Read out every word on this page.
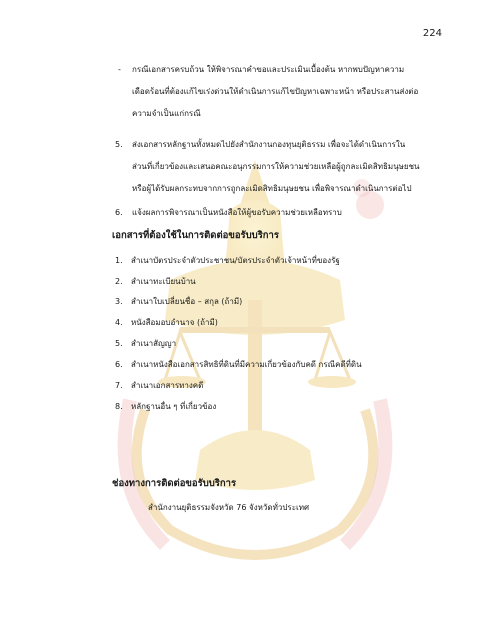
224
- กรณีเอกสารครบถ้วน ให้พิจารณาคำขอและประเมินเบื้องต้น หากพบปัญหาความ
เดือดร้อนที่ต้องแก้ไขเร่งด่วนให้ดำเนินการแก้ไขปัญหาเฉพาะหน้า หรือประสานส่งต่อ
ความจำเป็นแก่กรณี
5. ส่งเอกสารหลักฐานทั้งหมดไปยังสำนักงานกองทุนยุติธรรม เพื่อจะได้ดำเนินการใน
ส่วนที่เกี่ยวข้องและเสนอคณะอนุกรรมการให้ความช่วยเหลือผู้ถูกละเมิดสิทธิมนุษยชน
หรือผู้ได้รับผลกระทบจากการถูกละเมิดสิทธิมนุษยชน เพื่อพิจารณาดำเนินการต่อไป
6. แจ้งผลการพิจารณาเป็นหนังสือให้ผู้ขอรับความช่วยเหลือทราบ
เอกสารที่ต้องใช้ในการติดต่อขอรับบริการ
1. สำเนาบัตรประจำตัวประชาชน/บัตรประจำตัวเจ้าหน้าที่ของรัฐ
2. สำเนาทะเบียนบ้าน
3. สำเนาใบเปลี่ยนชื่อ – สกุล (ถ้ามี)
4. หนังสือมอบอำนาจ (ถ้ามี)
5. สำเนาสัญญา
6. สำเนาหนังสือเอกสารสิทธิที่ดินที่มีความเกี่ยวข้องกับคดี กรณีคดีที่ดิน
7. สำเนาเอกสารทางคดี
8. หลักฐานอื่น ๆ ที่เกี่ยวข้อง
ช่องทางการติดต่อขอรับบริการ
สำนักงานยุติธรรมจังหวัด 76 จังหวัดทั่วประเทศ
